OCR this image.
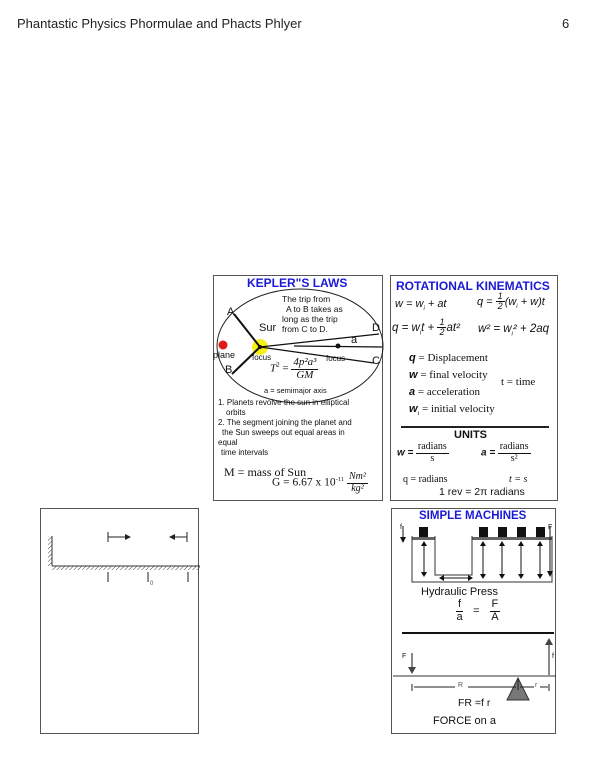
Phantastic Physics Phormulae and Phacts Phlyer	6
KEPLER"S LAWS
The trip from
A to B takes as
long as the trip
from C to D.
A
B
C
D
Sur
plane focus	focus
a
$T^2 = \frac{\text{4p²a³}}{GM}$
a = semimajor axis
1. Planets revolve the sun in elliptical
orbits
2. The segment joining the planet and
the Sun sweeps out equal areas in
equal
time intervals
M = mass of Sun
G = 6.67 x $10^{-11} \frac{\text{Nm²}}{\text{kg²}}$
ROTATIONAL KINEMATICS
$w = w_i$ + at	$q = \frac{1}{2} (w_i + w)t$
$q = w_it + \frac{1}{2} at^2$ $w^2 = w_i^2 + 2aq$
q = Displacement
w = final velocity
a = acceleration
$w_i$ = initial velocity
t = time
UNITS
$w = \frac{\text{radians}}{s}$	$a = \frac{\text{radians}}{\text{s²}}$
q = radians	t = s
1 rev = 2π radians
0
SIMPLE MACHINES
f	F
Hydraulic Press
$\frac{f}{a} = \frac{F}{A}$
F	f
R	r
FR =f r
FORCE on a
